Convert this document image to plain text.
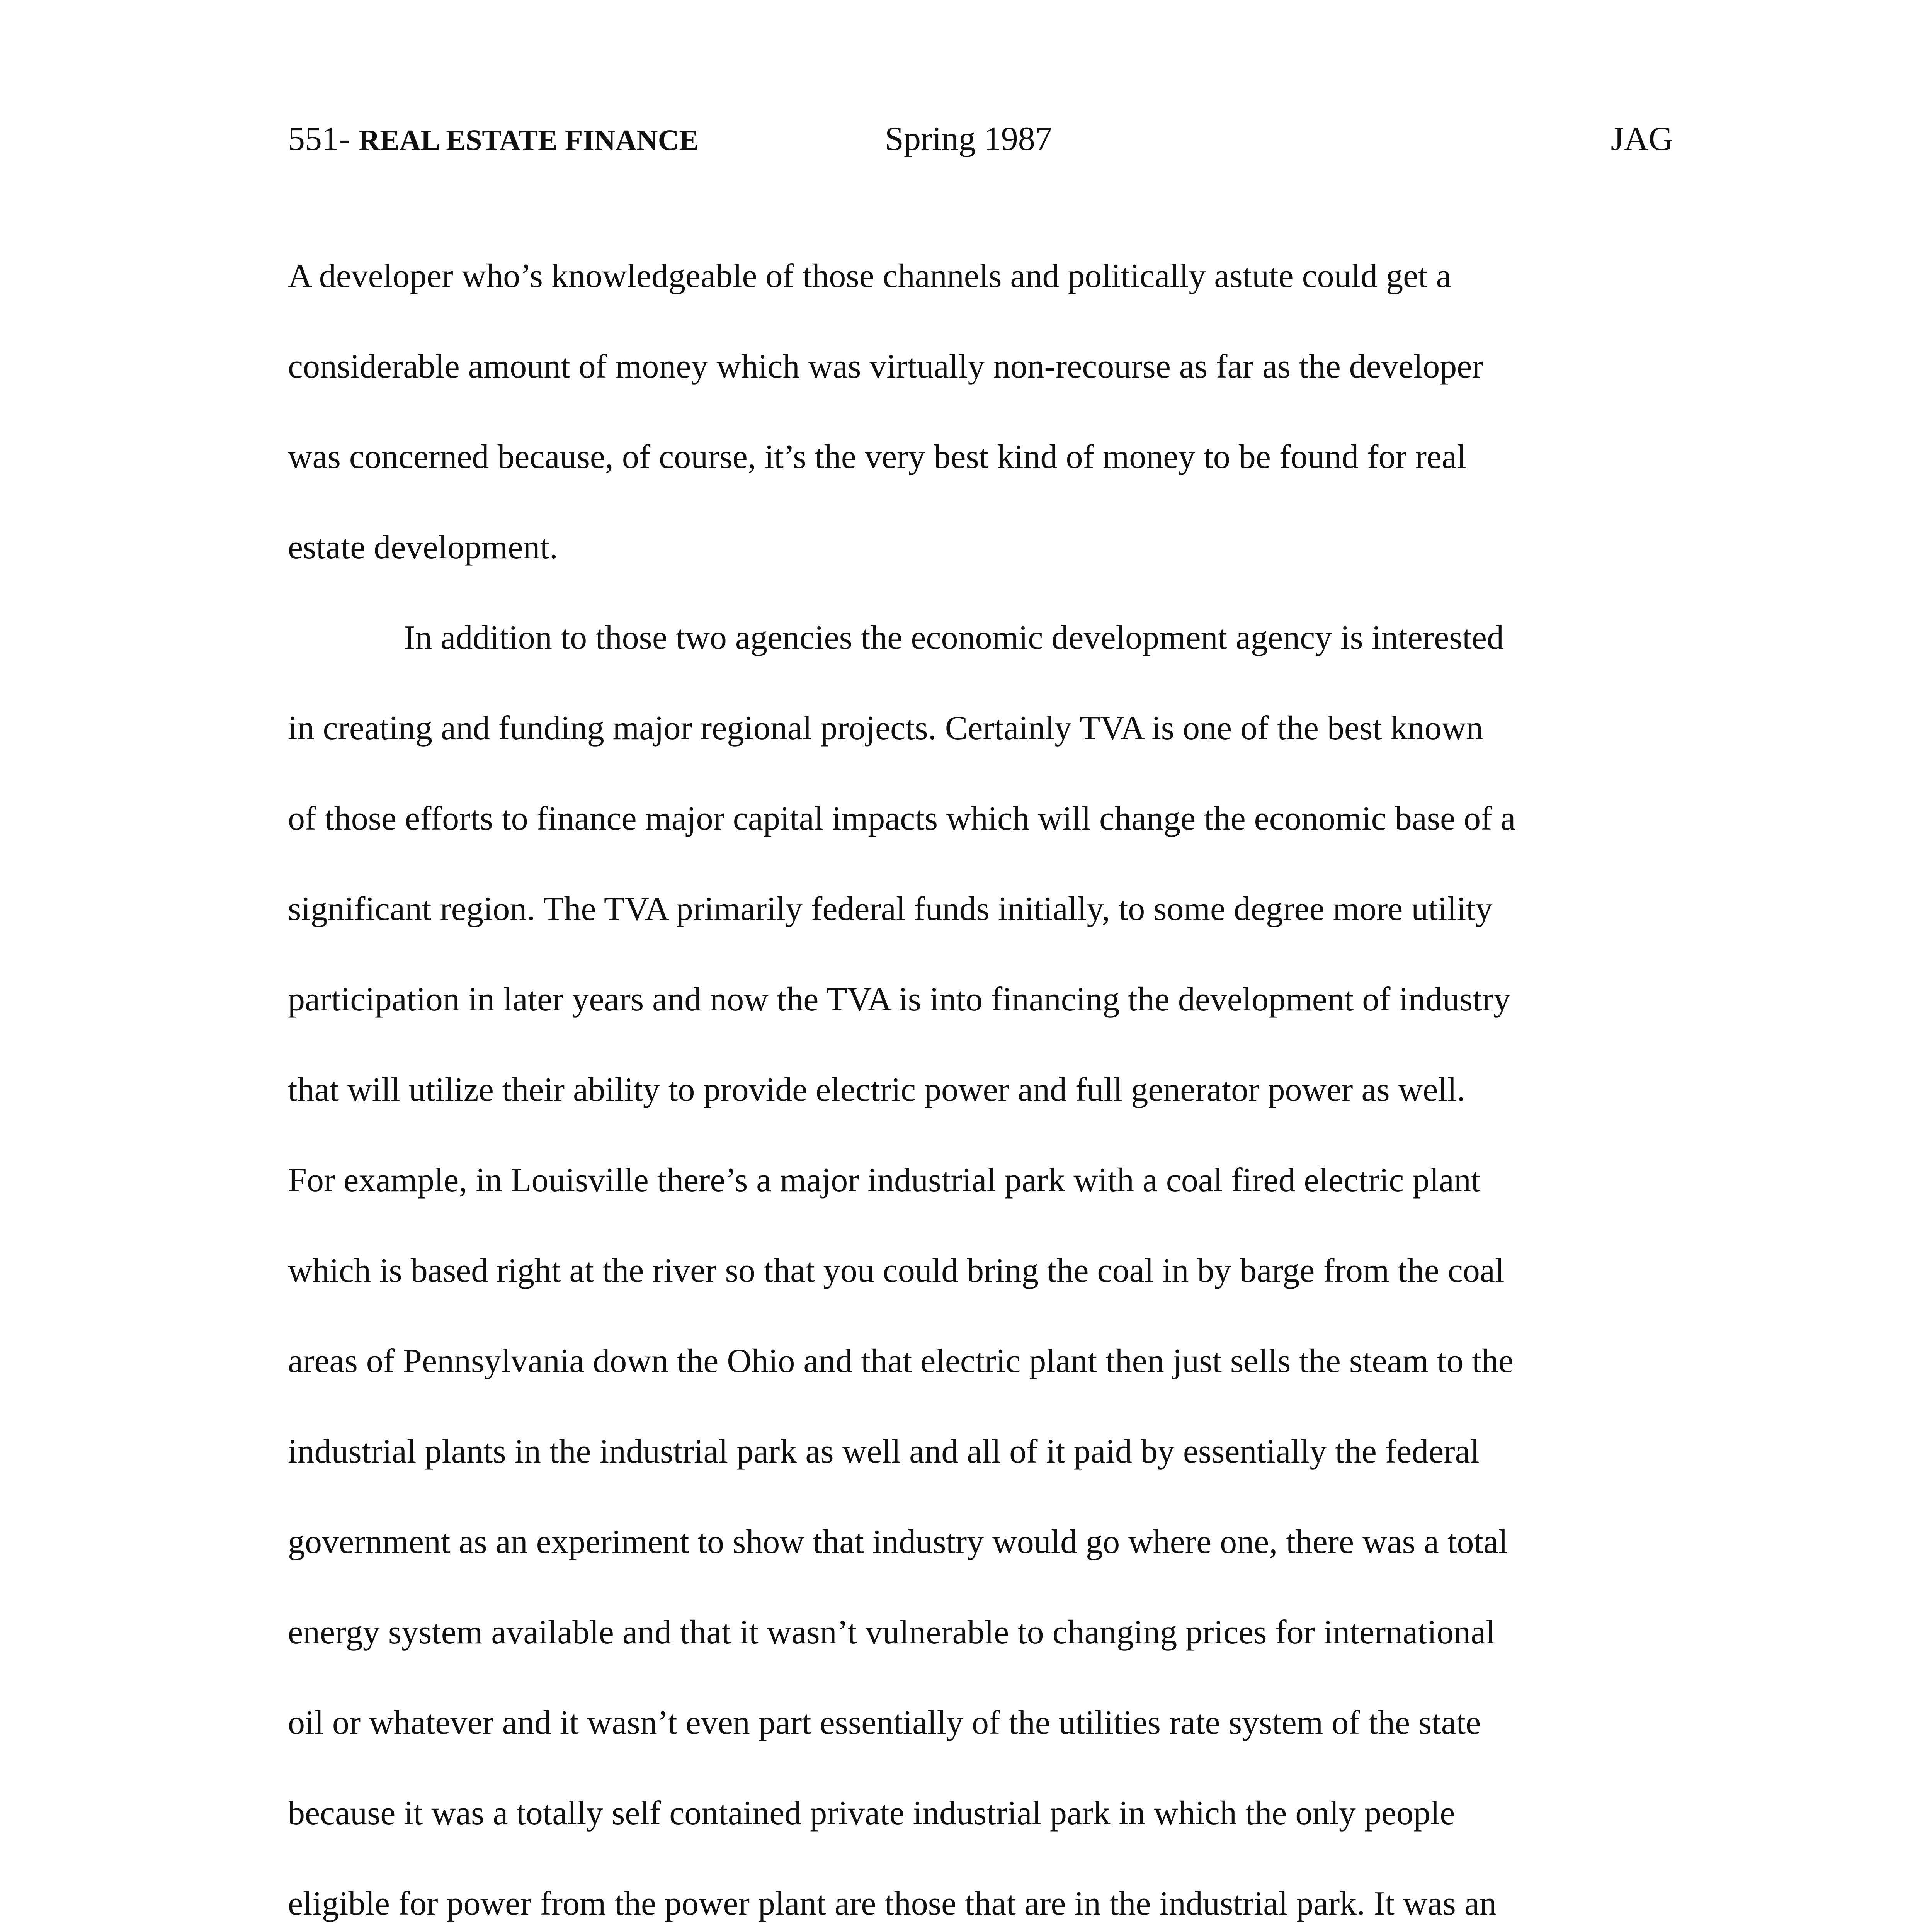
551- REAL ESTATE FINANCE	Spring 1987	JAG

A developer who’s knowledgeable of those channels and politically astute could get a

considerable amount of money which was virtually non-recourse as far as the developer

was concerned because, of course, it’s the very best kind of money to be found for real

estate development.

In addition to those two agencies the economic development agency is interested

in creating and funding major regional projects. Certainly TVA is one of the best known

of those efforts to finance major capital impacts which will change the economic base of a

significant region. The TVA primarily federal funds initially, to some degree more utility

participation in later years and now the TVA is into financing the development of industry

that will utilize their ability to provide electric power and full generator power as well.

For example, in Louisville there’s a major industrial park with a coal fired electric plant

which is based right at the river so that you could bring the coal in by barge from the coal

areas of Pennsylvania down the Ohio and that electric plant then just sells the steam to the

industrial plants in the industrial park as well and all of it paid by essentially the federal

government as an experiment to show that industry would go where one, there was a total

energy system available and that it wasn’t vulnerable to changing prices for international

oil or whatever and it wasn’t even part essentially of the utilities rate system of the state

because it was a totally self contained private industrial park in which the only people

eligible for power from the power plant are those that are in the industrial park. It was an
